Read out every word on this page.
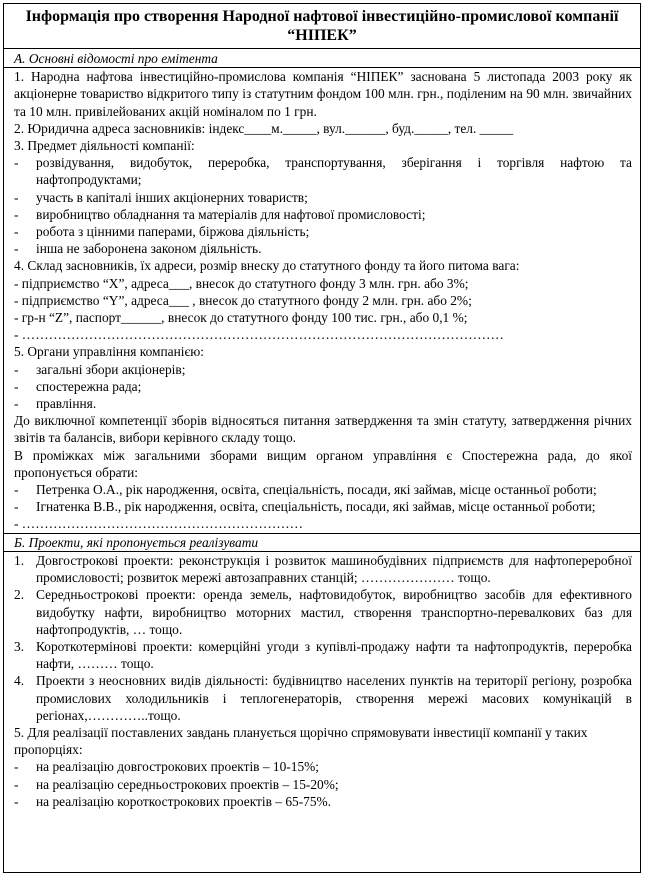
Інформація про створення Народної нафтової інвестиційно-промислової компанії “НІПЕК”
А. Основні відомості про емітента
1. Народна нафтова інвестиційно-промислова компанія “НІПЕК” заснована 5 листопада 2003 року як акціонерне товариство відкритого типу із статутним фондом 100 млн. грн., поділеним на 90 млн. звичайних та 10 млн. привілейованих акцій номіналом по 1 грн.
2. Юридична адреса засновників: індекс____м._____, вул.______, буд._____, тел. _____
3. Предмет діяльності компанії:
-	розвідування, видобуток, переробка, транспортування, зберігання і торгівля нафтою та нафтопродуктами;
-	участь в капіталі інших акціонерних товариств;
-	виробництво обладнання та матеріалів для нафтової промисловості;
-	робота з цінними паперами, біржова діяльність;
-	інша не заборонена законом діяльність.
4. Склад засновників, їх адреси, розмір внеску до статутного фонду та його питома вага:
- підприємство “X”, адреса___, внесок до статутного фонду 3 млн. грн. або 3%;
- підприємство “Y”, адреса___ , внесок до статутного фонду 2 млн. грн. або 2%;
- гр-н “Z”, паспорт______, внесок до статутного фонду 100 тис. грн., або 0,1 %;
- ………………………………………………………………………………………………
5. Органи управління компанією:
-	загальні збори акціонерів;
-	спостережна рада;
-	правління.
До виключної компетенції зборів відносяться питання затвердження та змін статуту, затвердження річних звітів та балансів, вибори керівного складу тощо.
В проміжках між загальними зборами вищим органом управління є Спостережна рада, до якої пропонується обрати:
-	Петренка О.А., рік народження, освіта, спеціальність, посади, які займав, місце останньої роботи;
-	Ігнатенка В.В., рік народження, освіта, спеціальність, посади, які займав, місце останньої роботи;
- ………………………………………………………
Б. Проекти, які пропонується реалізувати
1. Довгострокові проекти: реконструкція і розвиток машинобудівних підприємств для нафтопереробної промисловості; розвиток мережі автозаправних станцій; ………………… тощо.
2. Середньострокові проекти: оренда земель, нафтовидобуток, виробництво засобів для ефективного видобутку нафти, виробництво моторних мастил, створення транспортно-перевалкових баз для нафтопродуктів, … тощо.
3. Короткотермінові проекти: комерційні угоди з купівлі-продажу нафти та нафтопродуктів, переробка нафти, ……… тощо.
4. Проекти з неосновних видів діяльності: будівництво населених пунктів на території регіону, розробка промислових холодильників і теплогенераторів, створення мережі масових комунікацій в регіонах,…………..тощо.
5. Для реалізації поставлених завдань планується щорічно спрямовувати інвестиції компанії у таких пропорціях:
-	на реалізацію довгострокових проектів – 10-15%;
-	на реалізацію середньострокових проектів – 15-20%;
-	на реалізацію короткострокових проектів – 65-75%.
